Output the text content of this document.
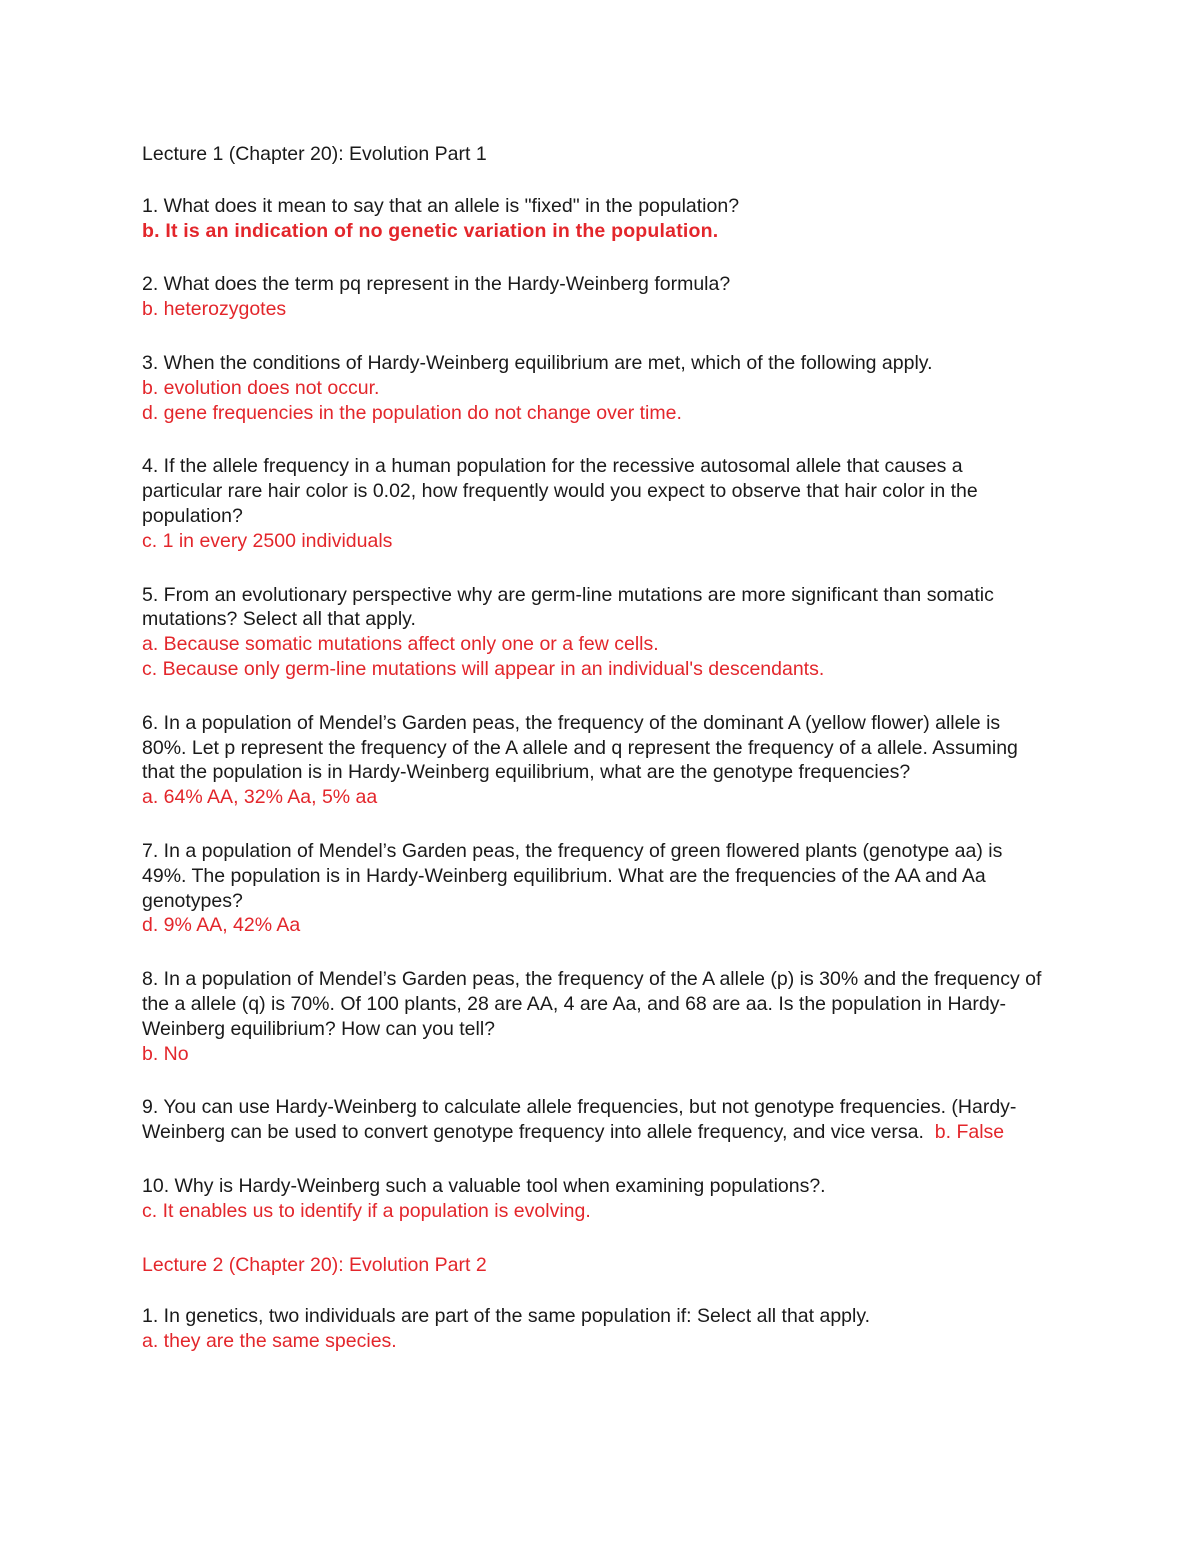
Lecture 1 (Chapter 20): Evolution Part 1
1. What does it mean to say that an allele is "fixed" in the population?
b. It is an indication of no genetic variation in the population.
2. What does the term pq represent in the Hardy-Weinberg formula?
b. heterozygotes
3. When the conditions of Hardy-Weinberg equilibrium are met, which of the following apply.
b. evolution does not occur.
d. gene frequencies in the population do not change over time.
4. If the allele frequency in a human population for the recessive autosomal allele that causes a particular rare hair color is 0.02, how frequently would you expect to observe that hair color in the population?
c. 1 in every 2500 individuals
5. From an evolutionary perspective why are germ-line mutations are more significant than somatic mutations? Select all that apply.
a. Because somatic mutations affect only one or a few cells.
c. Because only germ-line mutations will appear in an individual's descendants.
6. In a population of Mendel’s Garden peas, the frequency of the dominant A (yellow flower) allele is 80%. Let p represent the frequency of the A allele and q represent the frequency of a allele. Assuming that the population is in Hardy-Weinberg equilibrium, what are the genotype frequencies?
a. 64% AA, 32% Aa, 5% aa
7. In a population of Mendel’s Garden peas, the frequency of green flowered plants (genotype aa) is 49%. The population is in Hardy-Weinberg equilibrium. What are the frequencies of the AA and Aa genotypes?
d. 9% AA, 42% Aa
8. In a population of Mendel’s Garden peas, the frequency of the A allele (p) is 30% and the frequency of the a allele (q) is 70%. Of 100 plants, 28 are AA, 4 are Aa, and 68 are aa. Is the population in Hardy-Weinberg equilibrium? How can you tell?
b. No
9. You can use Hardy-Weinberg to calculate allele frequencies, but not genotype frequencies. (Hardy-Weinberg can be used to convert genotype frequency into allele frequency, and vice versa. b. False
10. Why is Hardy-Weinberg such a valuable tool when examining populations?.
c. It enables us to identify if a population is evolving.
Lecture 2 (Chapter 20): Evolution Part 2
1. In genetics, two individuals are part of the same population if: Select all that apply.
a. they are the same species.
